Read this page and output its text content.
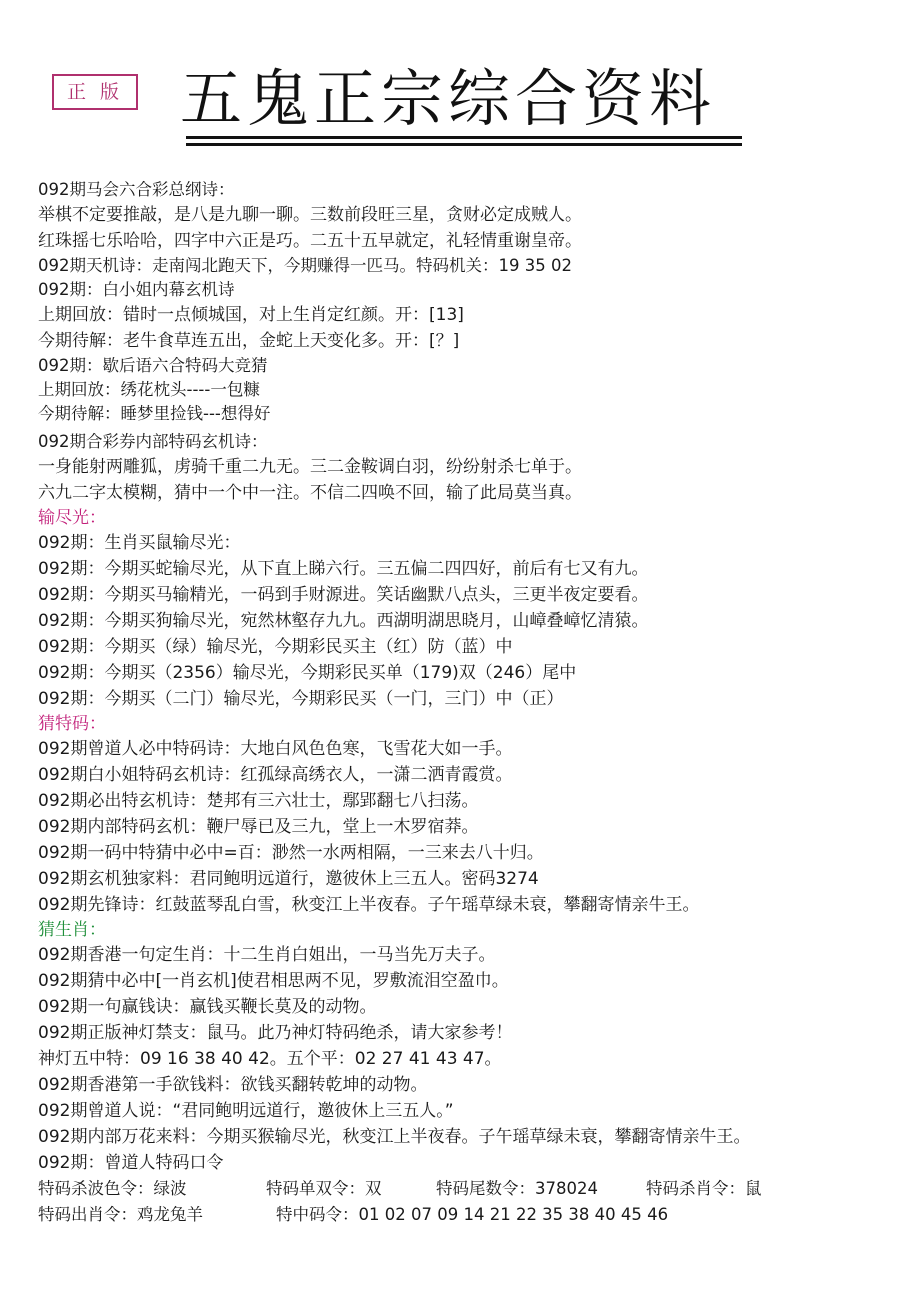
正 版 五鬼正宗综合资料
092期马会六合彩总纲诗：
举棋不定要推敲，是八是九聊一聊。三数前段旺三星，贪财必定成贼人。
红珠摇七乐哈哈，四字中六正是巧。二五十五早就定，礼轻情重谢皇帝。
092期天机诗：走南闯北跑天下，今期赚得一匹马。特码机关：19 35 02
092期：白小姐内幕玄机诗
上期回放：错时一点倾城国，对上生肖定红颜。开：[13]
今期待解：老牛食草连五出，金蛇上天变化多。开：[？]
092期：歇后语六合特码大竞猜
上期回放：绣花枕头----一包糠
今期待解：睡梦里捡钱---想得好
092期合彩券内部特码玄机诗：
一身能射两雕狐，虏骑千重二九无。三二金鞍调白羽，纷纷射杀七单于。
六九二字太模糊，猜中一个中一注。不信二四唤不回，输了此局莫当真。
输尽光：
092期：生肖买鼠输尽光：
092期：今期买蛇输尽光，从下直上睇六行。三五偏二四四好，前后有七又有九。
092期：今期买马输精光，一码到手财源进。笑话幽默八点头，三更半夜定要看。
092期：今期买狗输尽光，宛然林壑存九九。西湖明湖思晓月，山嶂叠嶂忆清猿。
092期：今期买（绿）输尽光，今期彩民买主（红）防（蓝）中
092期：今期买（2356）输尽光，今期彩民买单（179)双（246）尾中
092期：今期买（二门）输尽光，今期彩民买（一门，三门）中（正）
猜特码：
092期曾道人必中特码诗：大地白风色色寒，飞雪花大如一手。
092期白小姐特码玄机诗：红孤绿高绣衣人，一潇二洒青霞赏。
092期必出特玄机诗：楚邦有三六壮士，鄢郢翻七八扫荡。
092期内部特码玄机：鞭尸辱已及三九，堂上一木罗宿莽。
092期一码中特猜中必中=百：渺然一水两相隔，一三来去八十归。
092期玄机独家料：君同鲍明远道行，邀彼休上三五人。密码3274
092期先锋诗：红鼓蓝琴乱白雪，秋变江上半夜春。子午瑶草绿未衰，攀翻寄情亲牛王。
猜生肖：
092期香港一句定生肖：十二生肖白姐出，一马当先万夫子。
092期猜中必中[一肖玄机]使君相思两不见，罗敷流泪空盈巾。
092期一句赢钱诀：赢钱买鞭长莫及的动物。
092期正版神灯禁支：鼠马。此乃神灯特码绝杀，请大家参考！
神灯五中特：09 16 38 40 42。五个平：02 27 41 43 47。
092期香港第一手欲钱料：欲钱买翻转乾坤的动物。
092期曾道人说：“君同鲍明远道行，邀彼休上三五人。”
092期内部万花来料：今期买猴输尽光，秋变江上半夜春。子午瑶草绿未衰，攀翻寄情亲牛王。
092期：曾道人特码口令
特码杀波色令：绿波	特码单双令：双	特码尾数令：378024	特码杀肖令：鼠
特码出肖令：鸡龙兔羊	特中码令：01 02 07 09 14 21 22 35 38 40 45 46
